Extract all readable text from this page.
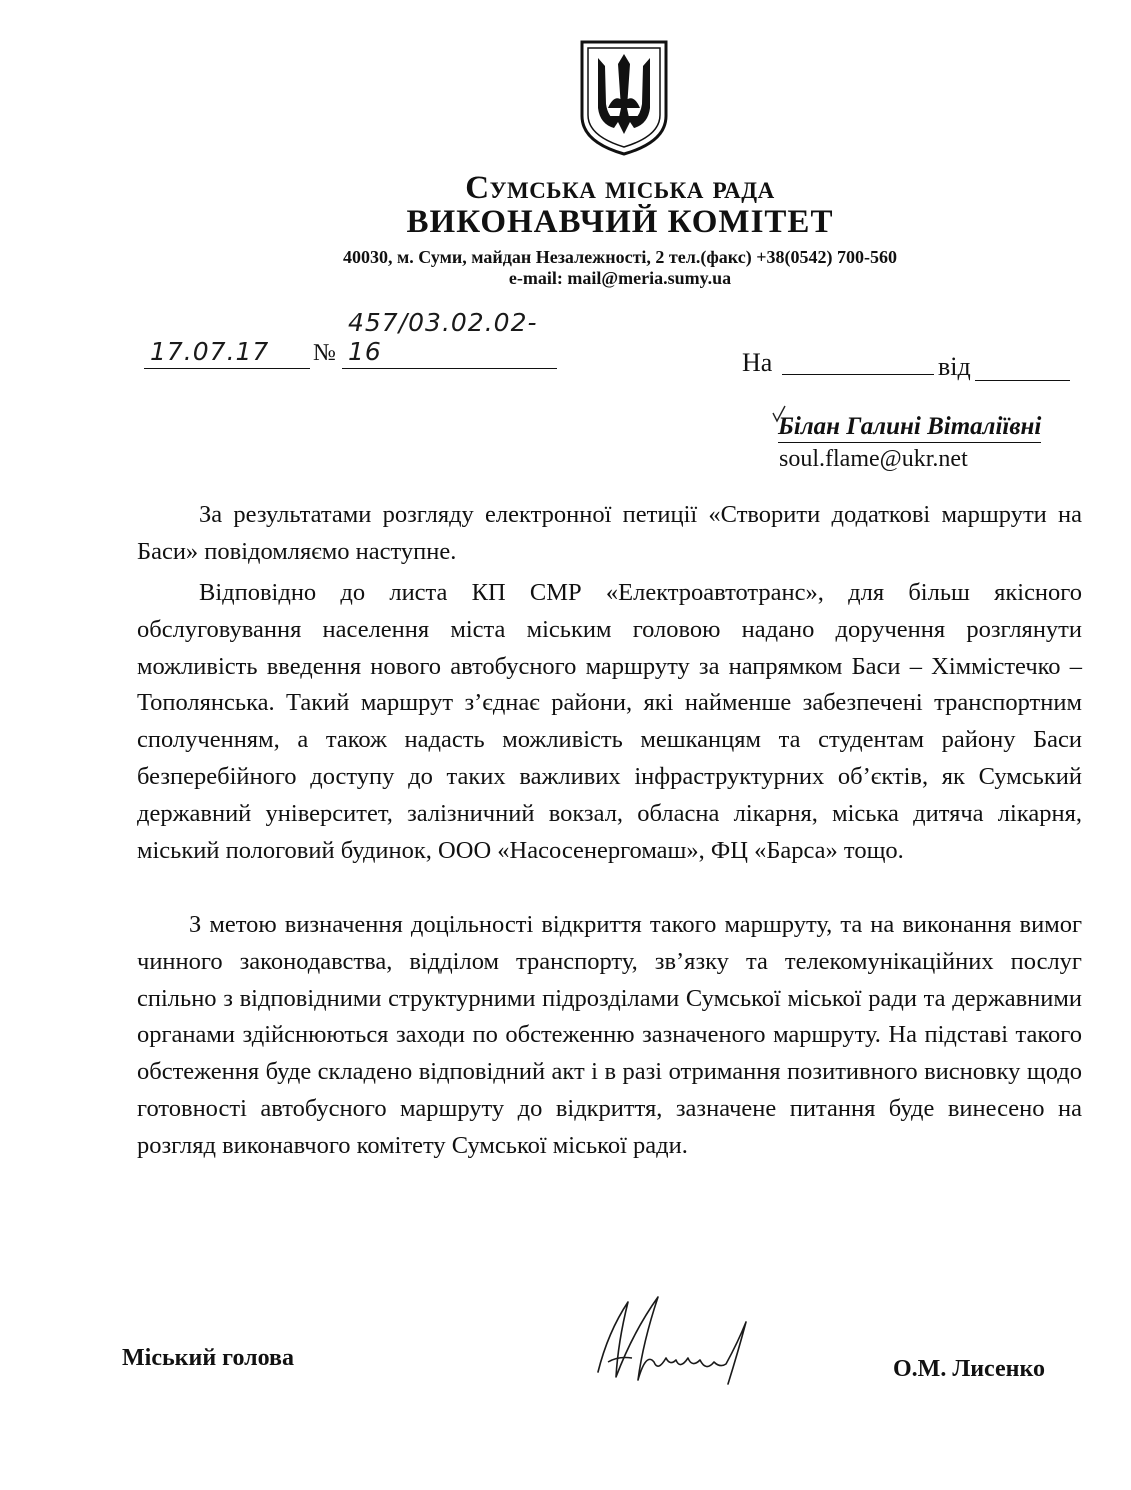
Сумська міська рада
ВИКОНАВЧИЙ КОМІТЕТ
40030, м. Суми, майдан Незалежності, 2 тел.(факс) +38(0542) 700-560
e-mail: mail@meria.sumy.ua
17.07.17 №
457/03.02.02-16	На	від
Білан Галині Віталіївні
soul.flame@ukr.net

За результатами розгляду електронної петиції «Створити додаткові маршрути на Баси» повідомляємо наступне.

Відповідно до листа КП СМР «Електроавтотранс», для більш якісного обслуговування населення міста міським головою надано доручення розглянути можливість введення нового автобусного маршруту за напрямком Баси – Хіммістечко – Тополянська. Такий маршрут з’єднає райони, які найменше забезпечені транспортним сполученням, а також надасть можливість мешканцям та студентам району Баси безперебійного доступу до таких важливих інфраструктурних об’єктів, як Сумський державний університет, залізничний вокзал, обласна лікарня, міська дитяча лікарня, міський пологовий будинок, ООО «Насосенергомаш», ФЦ «Барса» тощо.

З метою визначення доцільності відкриття такого маршруту, та на виконання вимог чинного законодавства, відділом транспорту, зв’язку та телекомунікаційних послуг спільно з відповідними структурними підрозділами Сумської міської ради та державними органами здійснюються заходи по обстеженню зазначеного маршруту. На підставі такого обстеження буде складено відповідний акт і в разі отримання позитивного висновку щодо готовності автобусного маршруту до відкриття, зазначене питання буде винесено на розгляд виконавчого комітету Сумської міської ради.

Міський голова	О.М. Лисенко
